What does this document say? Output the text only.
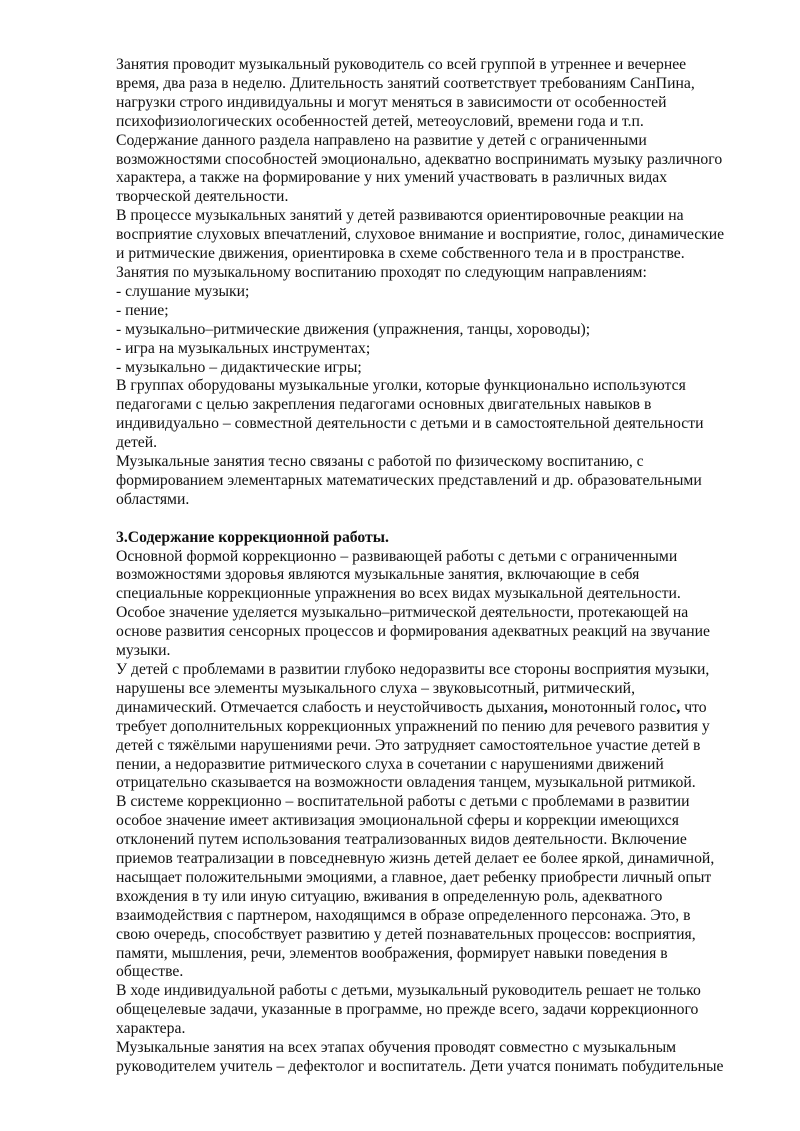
Занятия проводит музыкальный руководитель со всей группой в утреннее и вечернее
время, два раза в неделю. Длительность занятий соответствует требованиям СанПина,
нагрузки строго индивидуальны и могут меняться в зависимости от особенностей
психофизиологических особенностей детей, метеоусловий, времени года и т.п.
Содержание данного раздела направлено на развитие у детей с ограниченными
возможностями способностей эмоционально, адекватно воспринимать музыку различного
характера, а также на формирование у них умений участвовать в различных видах
творческой деятельности.
В процессе музыкальных занятий у детей развиваются ориентировочные реакции на
восприятие слуховых впечатлений, слуховое внимание и восприятие, голос, динамические
и ритмические движения, ориентировка в схеме собственного тела и в пространстве.
Занятия по музыкальному воспитанию проходят по следующим направлениям:
- слушание музыки;
- пение;
- музыкально–ритмические движения (упражнения, танцы, хороводы);
- игра на музыкальных инструментах;
- музыкально – дидактические игры;
В группах оборудованы музыкальные уголки, которые функционально используются
педагогами с целью закрепления педагогами основных двигательных навыков в
индивидуально – совместной деятельности с детьми и в самостоятельной деятельности
детей.
Музыкальные занятия тесно связаны с работой по физическому воспитанию, с
формированием элементарных математических представлений и др. образовательными
областями.
3.Содержание коррекционной работы.
Основной формой коррекционно – развивающей работы с детьми с ограниченными
возможностями здоровья являются музыкальные занятия, включающие в себя
специальные коррекционные упражнения во всех видах музыкальной деятельности.
Особое значение уделяется музыкально–ритмической деятельности, протекающей на
основе развития сенсорных процессов и формирования адекватных реакций на звучание
музыки.
У детей с проблемами в развитии глубоко недоразвиты все стороны восприятия музыки,
нарушены все элементы музыкального слуха – звуковысотный, ритмический,
динамический. Отмечается слабость и неустойчивость дыхания, монотонный голос, что
требует дополнительных коррекционных упражнений по пению для речевого развития у
детей с тяжёлыми нарушениями речи. Это затрудняет самостоятельное участие детей в
пении, а недоразвитие ритмического слуха в сочетании с нарушениями движений
отрицательно сказывается на возможности овладения танцем, музыкальной ритмикой.
В системе коррекционно – воспитательной работы с детьми с проблемами в развитии
особое значение имеет активизация эмоциональной сферы и коррекции имеющихся
отклонений путем использования театрализованных видов деятельности. Включение
приемов театрализации в повседневную жизнь детей делает ее более яркой, динамичной,
насыщает положительными эмоциями, а главное, дает ребенку приобрести личный опыт
вхождения в ту или иную ситуацию, вживания в определенную роль, адекватного
взаимодействия с партнером, находящимся в образе определенного персонажа. Это, в
свою очередь, способствует развитию у детей познавательных процессов: восприятия,
памяти, мышления, речи, элементов воображения, формирует навыки поведения в
обществе.
В ходе индивидуальной работы с детьми, музыкальный руководитель решает не только
общецелевые задачи, указанные в программе, но прежде всего, задачи коррекционного
характера.
Музыкальные занятия на всех этапах обучения проводят совместно с музыкальным
руководителем учитель – дефектолог и воспитатель. Дети учатся понимать побудительные
